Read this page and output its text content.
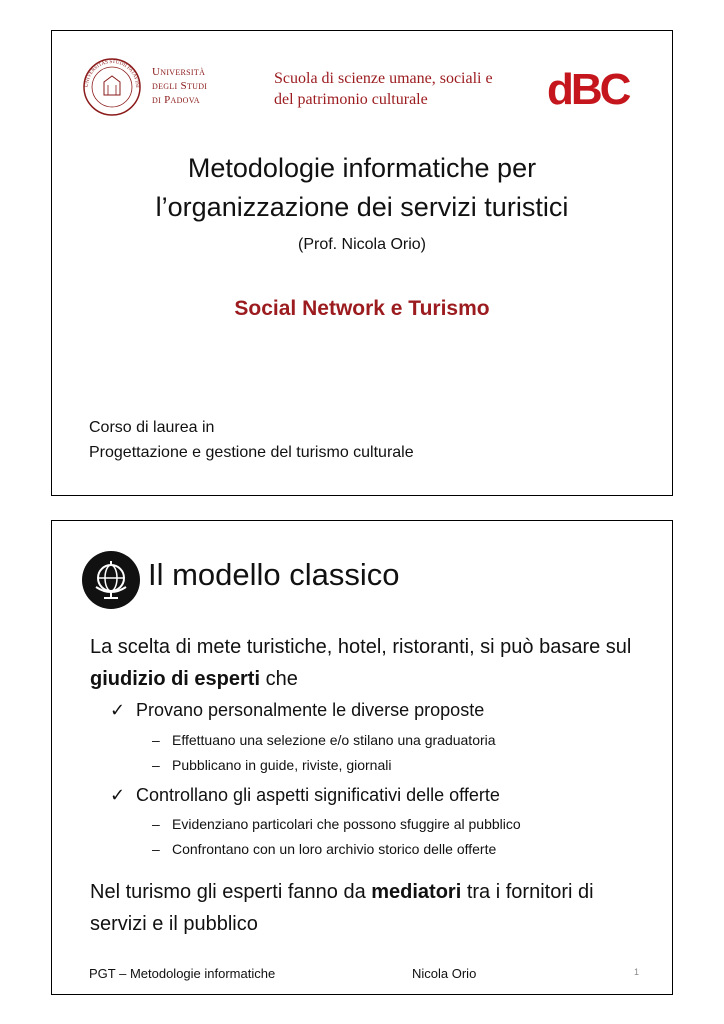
UNIVERSITAS STUDII PATAVINI
Università
degli Studi
di Padova
Scuola di scienze umane, sociali e
del patrimonio culturale	dBC
Metodologie informatiche per
l’organizzazione dei servizi turistici
(Prof. Nicola Orio)
Social Network e Turismo
Corso di laurea in
Progettazione e gestione del turismo culturale
Il modello classico
La scelta di mete turistiche, hotel, ristoranti, si può basare sul giudizio di esperti che
✓ Provano personalmente le diverse proposte
– Effettuano una selezione e/o stilano una graduatoria
– Pubblicano in guide, riviste, giornali
✓ Controllano gli aspetti significativi delle offerte
– Evidenziano particolari che possono sfuggire al pubblico
– Confrontano con un loro archivio storico delle offerte
Nel turismo gli esperti fanno da mediatori tra i fornitori di servizi e il pubblico
PGT – Metodologie informatiche	Nicola Orio	1
